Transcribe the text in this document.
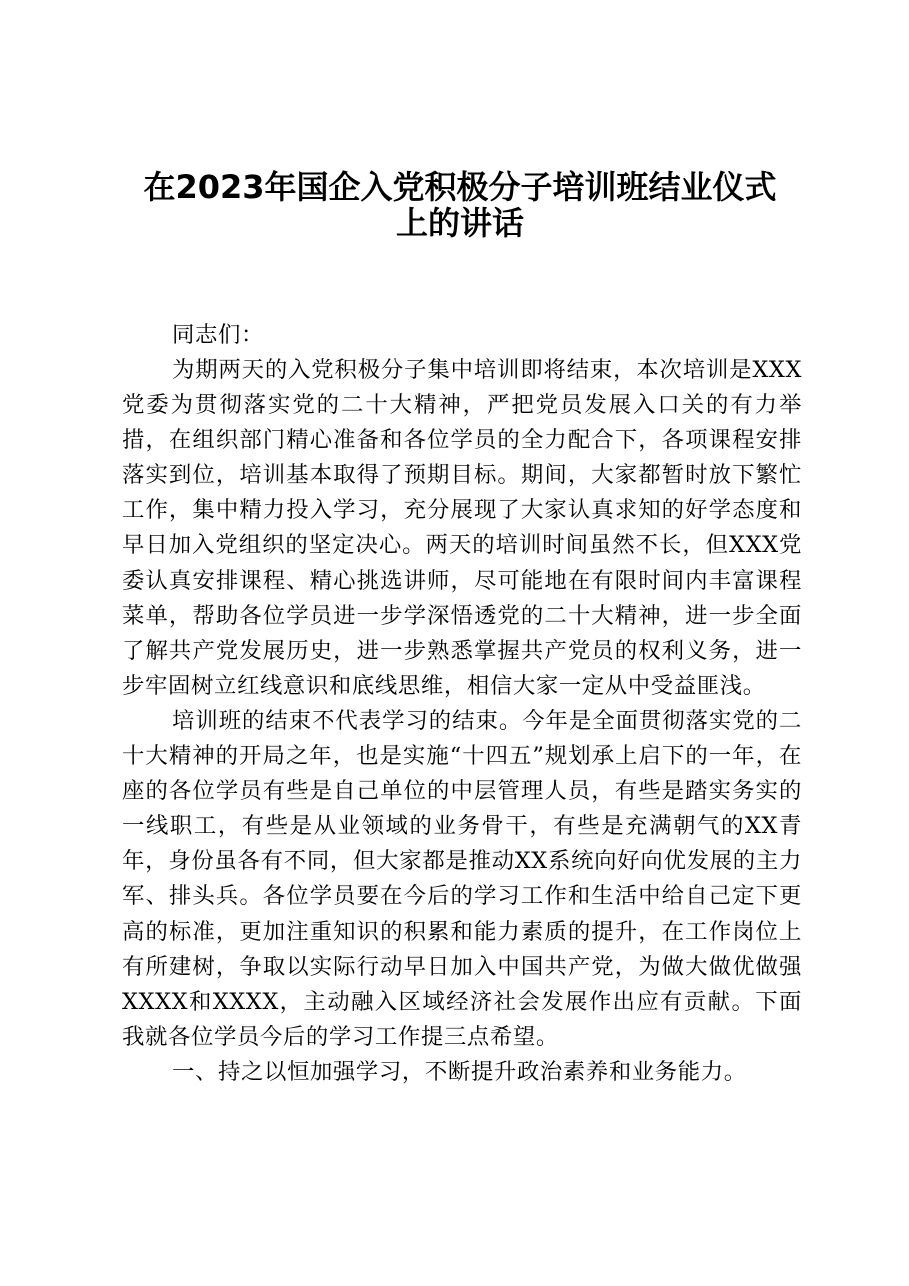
在2023年国企入党积极分子培训班结业仪式
上的讲话
同志们：

为期两天的入党积极分子集中培训即将结束，本次培训是XXX党委为贯彻落实党的二十大精神，严把党员发展入口关的有力举措，在组织部门精心准备和各位学员的全力配合下，各项课程安排落实到位，培训基本取得了预期目标。期间，大家都暂时放下繁忙工作，集中精力投入学习，充分展现了大家认真求知的好学态度和早日加入党组织的坚定决心。两天的培训时间虽然不长，但XXX党委认真安排课程、精心挑选讲师，尽可能地在有限时间内丰富课程菜单，帮助各位学员进一步学深悟透党的二十大精神，进一步全面了解共产党发展历史，进一步熟悉掌握共产党员的权利义务，进一步牢固树立红线意识和底线思维，相信大家一定从中受益匪浅。

培训班的结束不代表学习的结束。今年是全面贯彻落实党的二十大精神的开局之年，也是实施“十四五”规划承上启下的一年，在座的各位学员有些是自己单位的中层管理人员，有些是踏实务实的一线职工，有些是从业领域的业务骨干，有些是充满朝气的XX青年，身份虽各有不同，但大家都是推动XX系统向好向优发展的主力军、排头兵。各位学员要在今后的学习工作和生活中给自己定下更高的标准，更加注重知识的积累和能力素质的提升，在工作岗位上有所建树，争取以实际行动早日加入中国共产党，为做大做优做强XXXX和XXXX，主动融入区域经济社会发展作出应有贡献。下面我就各位学员今后的学习工作提三点希望。

一、持之以恒加强学习，不断提升政治素养和业务能力。
